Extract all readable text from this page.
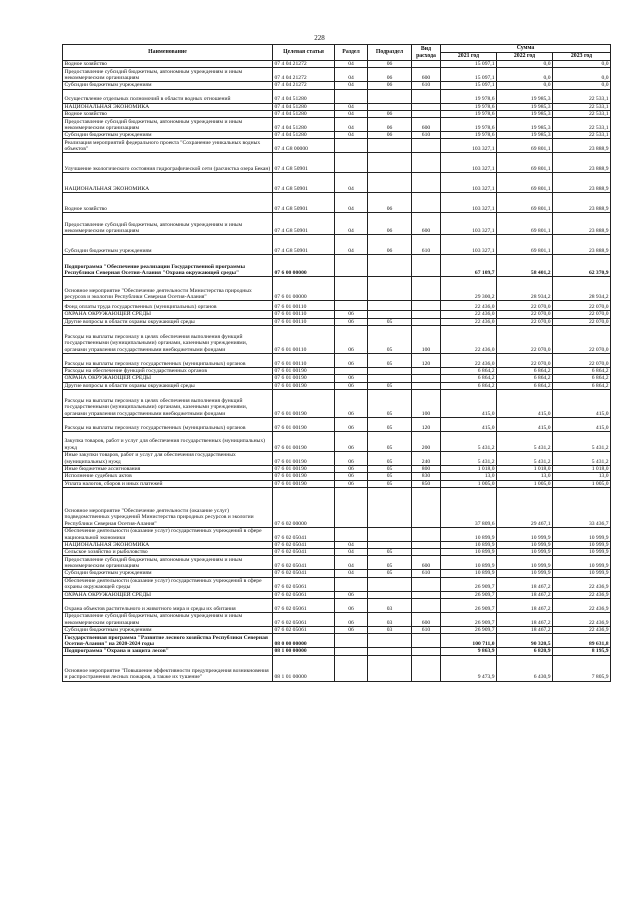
228
Наименование	Целевая статья	Раздел	Подраздел	Вид расхода	Сумма		
					2021 год	2022 год	2023 год
Водное хозяйство	07 4 04 21272	04	06		15 097,1	0,0	0,0
Предоставление субсидий бюджетным, автономным учреждениям и иным некоммерческим организациям	07 4 04 21272	04	06	600	15 097,1	0,0	0,0
Субсидии бюджетным учреждениям	07 4 04 21272	04	06	610	15 097,1	0,0	0,0
Осуществление отдельных полномочий в области водных отношений	07 4 04 51280				19 978,6	19 985,3	22 533,1
НАЦИОНАЛЬНАЯ ЭКОНОМИКА	07 4 04 51280	04			19 978,6	19 985,3	22 533,1
Водное хозяйство	07 4 04 51280	04	06		19 978,6	19 985,3	22 533,1
Предоставление субсидий бюджетным, автономным учреждениям и иным некоммерческим организациям	07 4 04 51280	04	06	600	19 978,6	19 985,3	22 533,1
Субсидии бюджетным учреждениям	07 4 04 51280	04	06	610	19 978,6	19 985,3	22 533,1
Реализация мероприятий федерального проекта "Сохранение уникальных водных объектов"	07 4 G8 00000				103 327,1	69 801,1	23 888,9
Улучшение экологического состояния гидрографической сети (расчистка озера Бекан)	07 4 G8 50901				103 327,1	69 801,1	23 888,9
НАЦИОНАЛЬНАЯ ЭКОНОМИКА	07 4 G8 50901	04			103 327,1	69 801,1	23 888,9
Водное хозяйство	07 4 G8 50901	04	06		103 327,1	69 801,1	23 888,9
Предоставление субсидий бюджетным, автономным учреждениям и иным некоммерческим организациям	07 4 G8 50901	04	06	600	103 327,1	69 801,1	23 888,9
Субсидии бюджетным учреждениям	07 4 G8 50901	04	06	610	103 327,1	69 801,1	23 888,9
Подпрограмма "Обеспечение реализации Государственной программы Республики Северная Осетия-Алания "Охрана окружающей среды"	07 6 00 00000				67 109,7	58 401,2	62 370,9
Основное мероприятие "Обеспечение деятельности Министерства природных ресурсов и экологии Республики Северная Осетия-Алания"	07 6 01 00000				29 300,2	28 934,2	28 934,2
Фонд оплаты труда государственных (муниципальных) органов	07 6 01 00110				22 436,0	22 070,0	22 070,0
ОХРАНА ОКРУЖАЮЩЕЙ СРЕДЫ	07 6 01 00110	06			22 436,0	22 070,0	22 070,0
Другие вопросы в области охраны окружающей среды	07 6 01 00110	06	05		22 436,0	22 070,0	22 070,0
Расходы на выплаты персоналу в целях обеспечения выполнения функций государственными (муниципальными) органами, казенными учреждениями, органами управления государственными внебюджетными фондами	07 6 01 00110	06	05	100	22 436,0	22 070,0	22 070,0
Расходы на выплаты персоналу государственных (муниципальных) органов	07 6 01 00110	06	05	120	22 436,0	22 070,0	22 070,0
Расходы на обеспечение функций государственных органов	07 6 01 00190				6 864,2	6 864,2	6 864,2
ОХРАНА ОКРУЖАЮЩЕЙ СРЕДЫ	07 6 01 00190	06			6 864,2	6 864,2	6 864,2
Другие вопросы в области охраны окружающей среды	07 6 01 00190	06	05		6 864,2	6 864,2	6 864,2
Расходы на выплаты персоналу в целях обеспечения выполнения функций государственными (муниципальными) органами, казенными учреждениями, органами управления государственными внебюджетными фондами	07 6 01 00190	06	05	100	415,0	415,0	415,0
Расходы на выплаты персоналу государственных (муниципальных) органов	07 6 01 00190	06	05	120	415,0	415,0	415,0
Закупка товаров, работ и услуг для обеспечения государственных (муниципальных) нужд	07 6 01 00190	06	05	200	5 431,2	5 431,2	5 431,2
Иные закупки товаров, работ и услуг для обеспечения государственных (муниципальных) нужд	07 6 01 00190	06	05	240	5 431,2	5 431,2	5 431,2
Иные бюджетные ассигнования	07 6 01 00190	06	05	800	1 018,0	1 018,0	1 018,0
Исполнение судебных актов	07 6 01 00190	06	05	830	13,0	13,0	13,0
Уплата налогов, сборов и иных платежей	07 6 01 00190	06	05	850	1 005,0	1 005,0	1 005,0
Основное мероприятие "Обеспечение деятельности (оказание услуг) подведомственных учреждений Министерства природных ресурсов и экологии Республики Северная Осетия-Алания"	07 6 02 00000				37 809,6	29 467,1	33 436,7
Обеспечение деятельности (оказание услуг) государственных учреждений в сфере национальной экономики	07 6 02 05041				10 899,9	10 999,9	10 999,9
НАЦИОНАЛЬНАЯ ЭКОНОМИКА	07 6 02 05041	04			10 899,9	10 999,9	10 999,9
Сельское хозяйство и рыболовство	07 6 02 05041	04	05		10 899,9	10 999,9	10 999,9
Предоставление субсидий бюджетным, автономным учреждениям и иным некоммерческим организациям	07 6 02 05041	04	05	600	10 899,9	10 999,9	10 999,9
Субсидии бюджетным учреждениям	07 6 02 05041	04	05	610	10 899,9	10 999,9	10 999,9
Обеспечение деятельности (оказание услуг) государственных учреждений в сфере охраны окружающей среды	07 6 02 05061				26 909,7	18 467,2	22 436,9
ОХРАНА ОКРУЖАЮЩЕЙ СРЕДЫ	07 6 02 05061	06			26 909,7	18 467,2	22 436,9
Охрана объектов растительного и животного мира и среды их обитания	07 6 02 05061	06	03		26 909,7	18 467,2	22 436,9
Предоставление субсидий бюджетным, автономным учреждениям и иным некоммерческим организациям	07 6 02 05061	06	03	600	26 909,7	18 467,2	22 436,9
Субсидии бюджетным учреждениям	07 6 02 05061	06	03	610	26 909,7	18 467,2	22 436,9
Государственная программа "Развитие лесного хозяйства Республики Северная Осетия-Алания" на 2020-2024 годы	08 0 00 00000				100 711,0	90 320,5	89 631,8
Подпрограмма "Охрана и защита лесов"	08 1 00 00000				9 863,9	6 820,9	8 195,9
Основное мероприятие "Повышение эффективности предупреждения возникновения и распространения лесных пожаров, а также их тушение"	08 1 01 00000				9 473,9	6 430,9	7 805,9
